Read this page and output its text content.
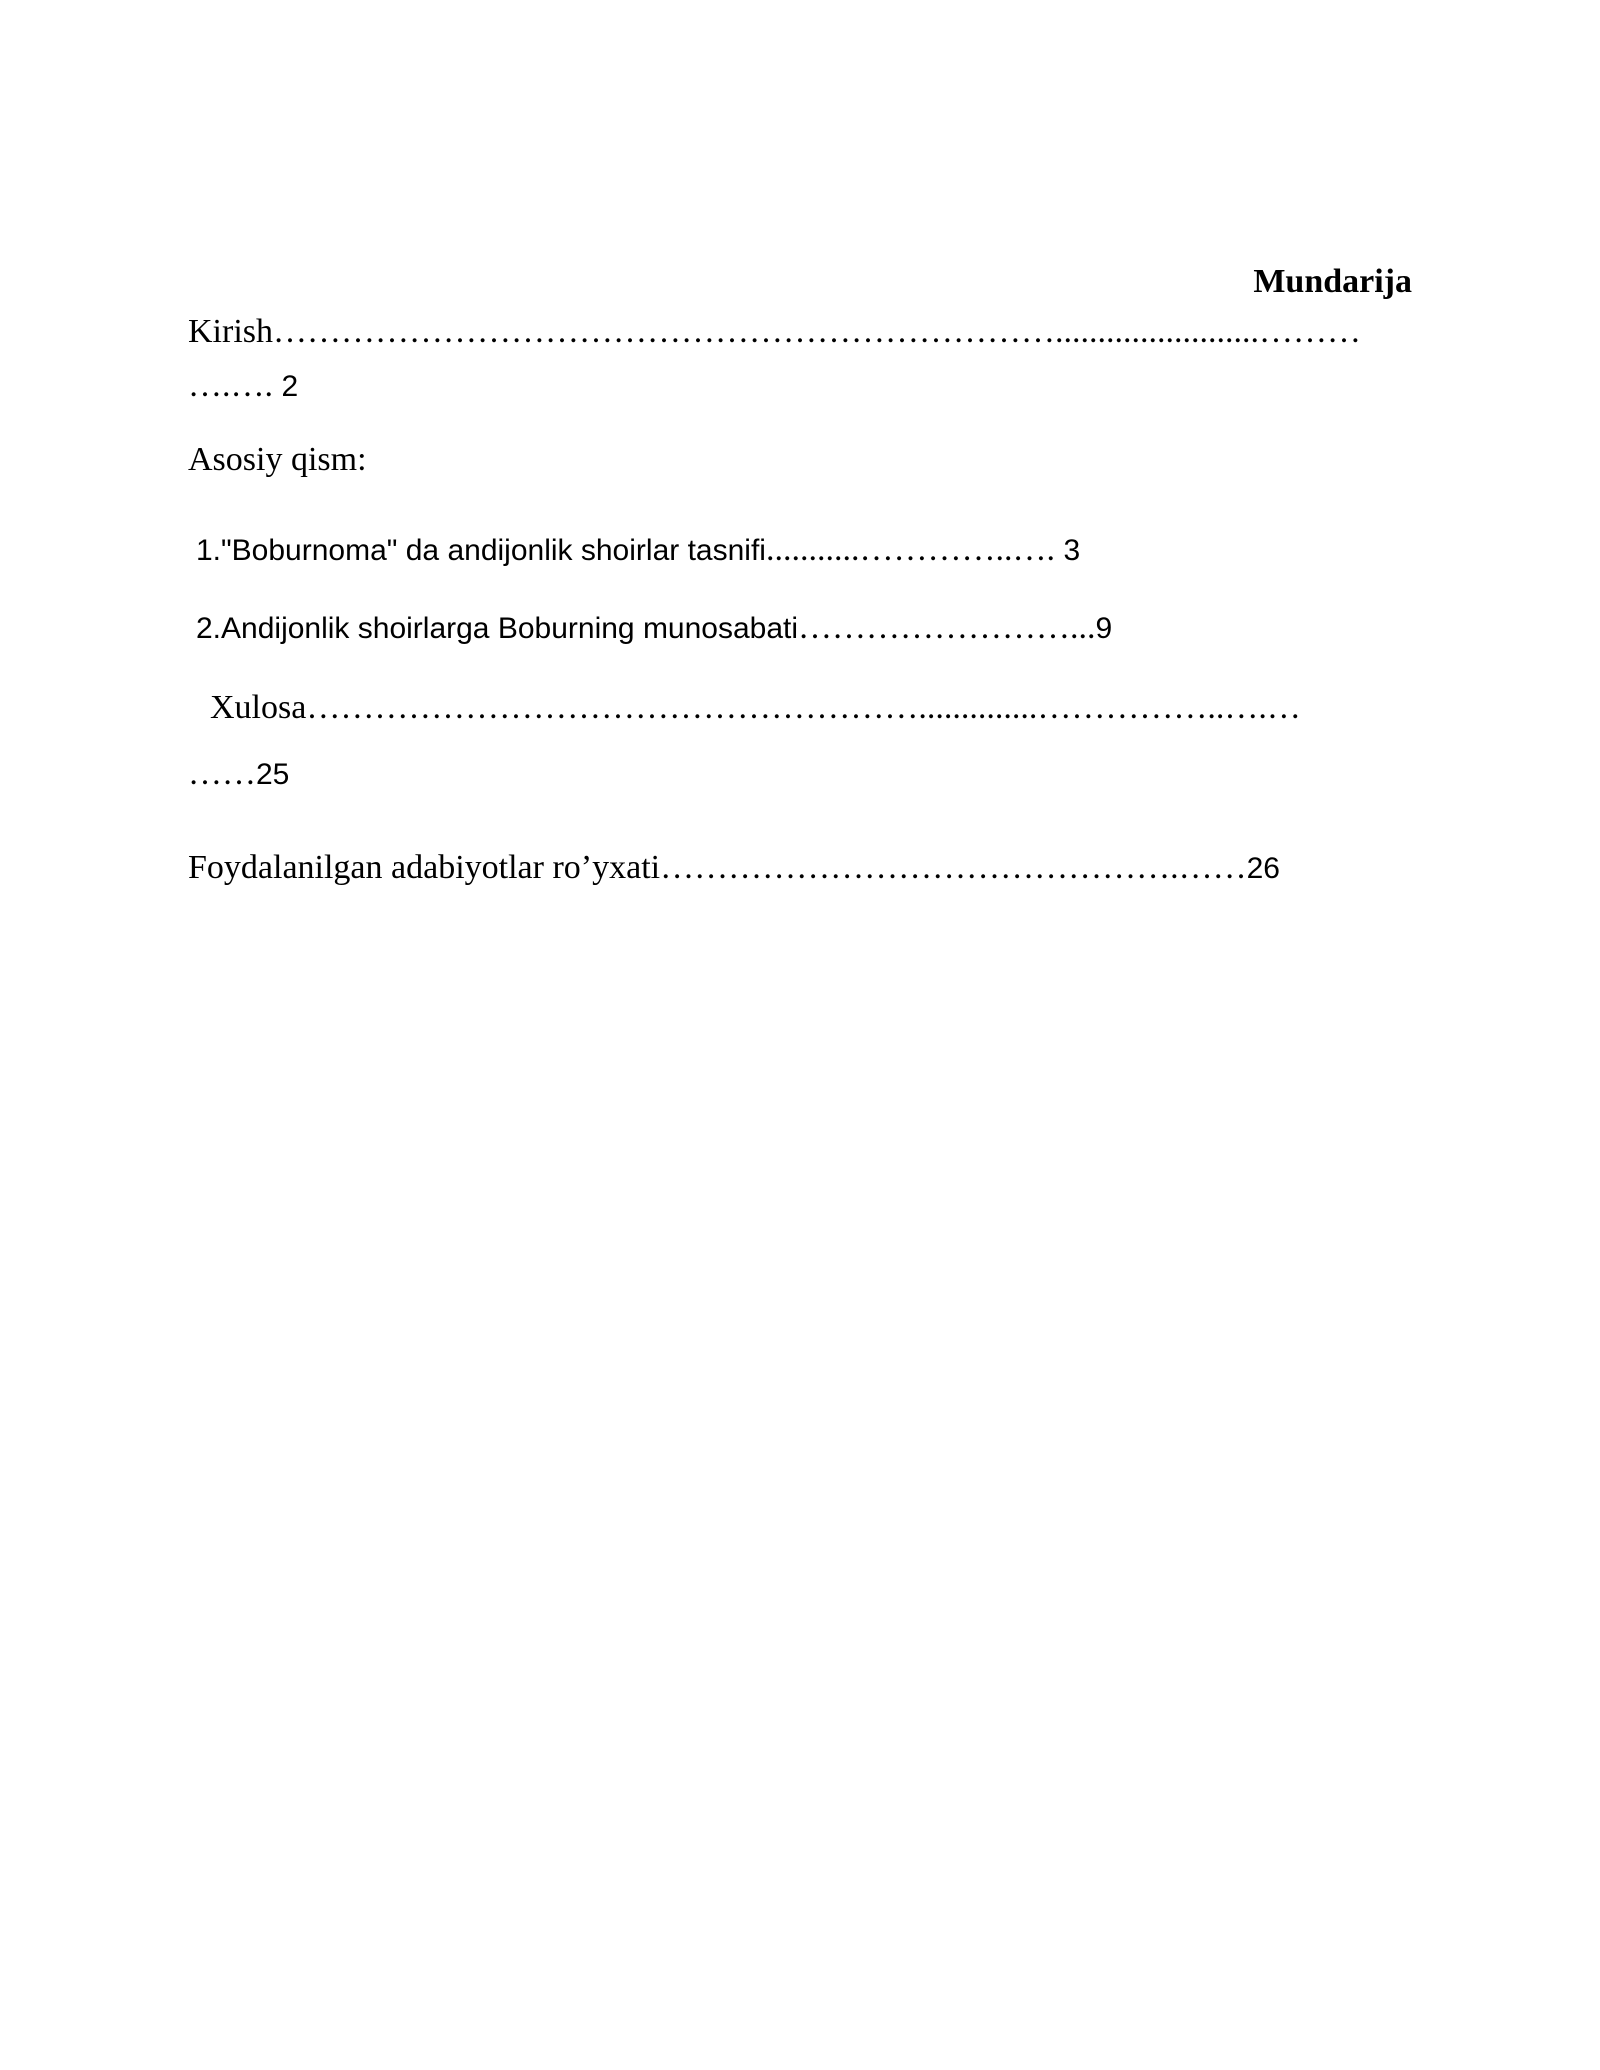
Mundarija
Kirish……………………………………………………………........................………
….…. 2
Asosiy qism:
1."Boburnoma" da andijonlik shoirlar tasnifi...........…………..…. 3
2.Andijonlik shoirlarga Boburning munosabati……………………...9
Xulosa………………………………………………..............……………..….…
……25
Foydalanilgan adabiyotlar ro’yxati……………………………………….……26
